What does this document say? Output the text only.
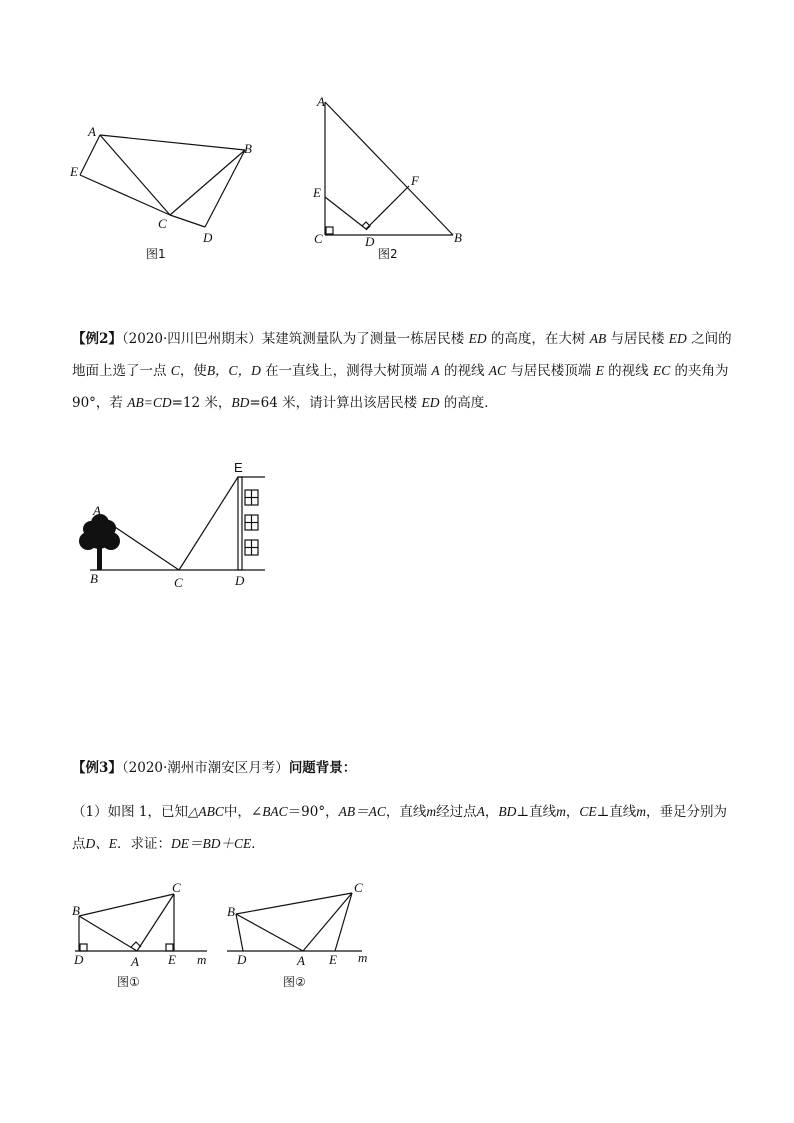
A
B
C
D
E
图1
A
B
C	D
E
F
图2

【例2】（2020·四川巴州期末）某建筑测量队为了测量一栋居民楼 ED 的高度，在大树 AB 与居民楼 ED 之间的地面上选了一点 C，使B，C，D 在一直线上，测得大树顶端 A 的视线 AC 与居民楼顶端 E 的视线 EC 的夹角为 90°，若 AB=CD=12 米，BD=64 米，请计算出该居民楼 ED 的高度．

A
B	C	D
E

【例3】（2020·潮州市潮安区月考）问题背景：

（1）如图 1，已知△ABC中，∠BAC＝90°，AB＝AC，直线m经过点A，BD⊥直线m，CE⊥直线m，垂足分别为点D、E．求证：DE＝BD＋CE．

B
C
D	A E m
图①
B
C
D	A E m
图②
